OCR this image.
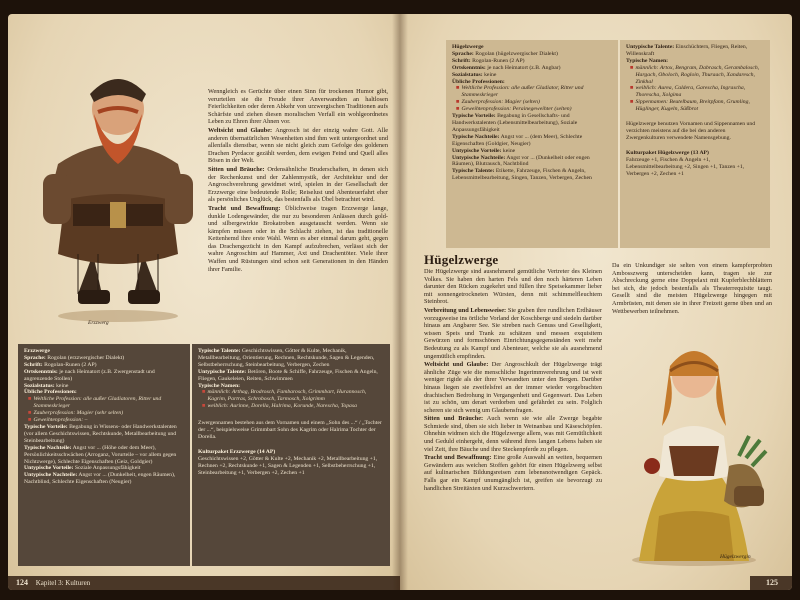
Erzzwerg

Wenngleich es Gerüchte über einen Sinn für trockenen Humor gibt, verurteilen sie die Freude ihrer Anverwandten an haltlosen Feierlichkeiten oder deren Abkehr von urzwergischen Traditionen aufs Schärfste und ziehen diesen moralischen Verfall ein wohlgeordnetes Leben zu Ehren ihrer Ahnen vor.

Weltsicht und Glaube: Angrosch ist der einzig wahre Gott. Alle anderen übernatürlichen Wesenheiten sind ihm weit untergeordnet und allenfalls dienstbar, wenn sie nicht gleich zum Gefolge des goldenen Drachen Pyrdacor gezählt werden, dem ewigen Feind und Quell alles Bösen in der Welt.

Sitten und Bräuche: Ordensähnliche Bruderschaften, in denen sich der Rechenkunst und der Zahlenmystik, der Architektur und der Angroschverehrung gewidmet wird, spielen in der Gesellschaft der Erzzwerge eine bedeutende Rolle; Reiselust und Abenteuerfahrt eher als persönliches Unglück, das bestenfalls als Übel betrachtet wird.

Tracht und Bewaffnung: Üblichweise tragen Erzzwerge lange, dunkle Lodengewänder, die nur zu besonderen Anlässen durch gold- und silbergewirkte Brokatroben ausgetauscht werden. Wenn sie kämpfen müssen oder in die Schlacht ziehen, ist das traditionelle Kettenhemd ihre erste Wahl. Wenn es aber einmal darum geht, gegen das Drachengezücht in den Kampf aufzubrechen, verlässt sich der wahre Angroschim auf Hammer, Axt und Drachentöter. Viele ihrer Waffen und Rüstungen sind schon seit Generationen in den Händen ihrer Familie.

Erzzwerge
Sprache: Rogolan (erzzwergischer Dialekt)
Schrift: Rogolan-Runen (2 AP)
Ortskenntnis: je nach Heimatort (z.B. Zwergenstadt und angrenzende Stollen)
Sozialstatus: keine
Übliche Professionen:
■ Weltliche Profession: alle außer Gladiatoren, Ritter und Stammeskrieger
■ Zauberprofession: Magier (sehr selten)
■ Geweihtenprofession: –
Typische Vorteile: Begabung in Wissens- oder Handwerkstalenten (vor allem Geschichtswissen, Rechtskunde, Metallbearbeitung und Steinbearbeitung)
Typische Nachteile: Angst vor ... (Höhe oder dem Meer), Persönlichkeitsschwächen (Arroganz, Vorurteile – vor allem gegen Nichtzwerge), Schlechte Eigenschaften (Geiz, Goldgier)
Untypische Vorteile: Soziale Anpassungsfähigkeit
Untypische Nachteile: Angst vor ... (Dunkelheit, engen Räumen), Nachtblind, Schlechte Eigenschaften (Neugier)
Typische Talente: Geschichtswissen, Götter & Kulte, Mechanik, Metallbearbeitung, Orientierung, Rechnen, Rechtskunde, Sagen & Legenden, Selbstbeherrschung, Steinbearbeitung, Verbergen, Zechen
Untypische Talente: Betören, Boote & Schiffe, Fahrzeuge, Fischen & Angeln, Fliegen, Gaukeleien, Reiten, Schwimmen
Typische Namen:
■ männlich: Arthag, Brodrosch, Fambarosch, Grimmbart, Hurannosch, Kagrim, Partras, Schrobosch, Tarmosch, Xolgrimm
■ weiblich: Aurinne, Dorella, Halrima, Korunde, Narescha, Topasa
Zwergennamen bestehen aus dem Vornamen und einem „Sohn des ...“ / „Tochter der ...“, beispielsweise Grimmbart Sohn des Kagrim oder Halrima Tochter der Dorella.
Kulturpaket Erzzwerge (14 AP)
Geschichtswissen +2, Götter & Kulte +2, Mechanik +2, Metallbearbeitung +1, Rechnen +2, Rechtskunde +1, Sagen & Legenden +1, Selbstbeherrschung +1, Steinbearbeitung +1, Verbergen +2, Zechen +1
124 Kapitel 3: Kulturen
Hügelzwerge
Sprache: Rogolan (hügelzwergischer Dialekt)
Schrift: Rogolan-Runen (2 AP)
Ortskenntnis: je nach Heimatort (z.B. Angbar)
Sozialstatus: keine
Übliche Professionen:
■ Weltliche Profession: alle außer Gladiator, Ritter und Stammeskrieger
■ Zauberprofession: Magier (selten)
■ Geweihtenprofession: Perainegeweihter (selten)
Typische Vorteile: Begabung in Gesellschafts- und Handwerkstalenten (Lebensmittelbearbeitung), Soziale Anpassungsfähigkeit
Typische Nachteile: Angst vor ... (dem Meer), Schlechte Eigenschaften (Goldgier, Neugier)
Untypische Vorteile: keine
Untypische Nachteile: Angst vor ... (Dunkelheit oder engen Räumen), Blutrausch, Nachtblind
Typische Talente: Etikette, Fahrzeuge, Fischen & Angeln, Lebensmittelbearbeitung, Singen, Tanzen, Verbergen, Zechen
Untypische Talente: Einschüchtern, Fliegen, Reiten, Willenskraft
Typische Namen:
■ männlich: Artox, Bengram, Dabrasch, Gerambalosch, Hargach, Oboloch, Rogloin, Thuraach, Xandaresch, Zinkhal
■ weiblich: Aurea, Caldera, Garescha, Ingrascha, Thorescha, Xolgima
■ Sippennamen: Beutelbaum, Breitpfann, Grumling, Hüglinger, Kugeln, Süßbrot
Hügelzwerge benutzen Vornamen und Sippennamen und verzichten meistens auf die bei den anderen Zwergenkulturen verwendete Namensgebung.
Kulturpaket Hügelzwerge (13 AP)
Fahrzeuge +1, Fischen & Angeln +1, Lebensmittelbearbeitung +2, Singen +1, Tanzen +1, Verbergen +2, Zechen +1
Hügelzwerge

Die Hügelzwerge sind ausnehmend gemütliche Vertreter des Kleinen Volkes. Sie haben den harten Fels und den noch härteren Leben darunter den Rücken zugekehrt und füllen ihre Speisekammer lieber mit sonnengetrockneten Würsten, denn mit schimmelfleuchtem Steinbrot.

Verbreitung und Lebensweise: Sie graben ihre rundlichen Erdhäuser vorzugsweise ins örtliche Vorland der Koschberge und siedeln darüber hinaus am Angbarer See. Sie streben nach Genuss und Geselligkeit, wissen Speis und Trank zu schätzen und messen exquisitem Gewürzen und formschönen Einrichtungsgegenständen weit mehr Bedeutung zu als Kampf und Abenteuer, welche sie als ausnehmend ungemütlich empfinden.

Weltsicht und Glaube: Der Angroschkult der Hügelzwerge trägt ähnliche Züge wie die menschliche Ingerimmverehrung und ist weit weniger rigide als der ihrer Verwandten unter den Bergen. Darüber hinaus liegen sie zweifelsfrei an der immer wieder vorgebrachten drachischen Bedrohung in Vergangenheit und Gegenwart. Das Leben ist zu schön, um derart verdorben und gefährdet zu sein. Folglich scheren sie sich wenig um Glaubensfragen.

Sitten und Bräuche: Auch wenn sie wie alle Zwerge begabte Schmiede sind, üben sie sich lieber in Weinanbau und Käseschöpfen. Ohnehin widmen sich die Hügelzwerge allem, was mit Gemütlichkeit und Geduld einhergeht, denn während ihres langen Lebens haben sie viel Zeit, ihre Bäuche und ihre Steckenpferde zu pflegen.

Tracht und Bewaffnung: Eine große Auswahl an weiten, bequemen Gewändern aus weichen Stoffen gehört für einen Hügelzwerg selbst auf kulinarischen Bildungsreisen zum lebensnotwendigen Gepäck. Falls gar ein Kampf unumgänglich ist, greifen sie bevorzugt zu handlichen Streitäxten und Kurzschwertern.

Da ein Unkundiger sie selten von einem kampferprobten Ambosszwerg unterscheiden kann, tragen sie zur Abschreckung gerne eine Doppelaxt mit Kupferblechblättern bei sich, die jedoch bestenfalls als Theaterrequisite taugt. Gesellt sind die meisten Hügelzwerge hingegen mit Armbrüsten, mit denen sie in ihrer Freizeit gerne üben und an Wettbewerben teilnehmen.
Hügelzwergin
125
